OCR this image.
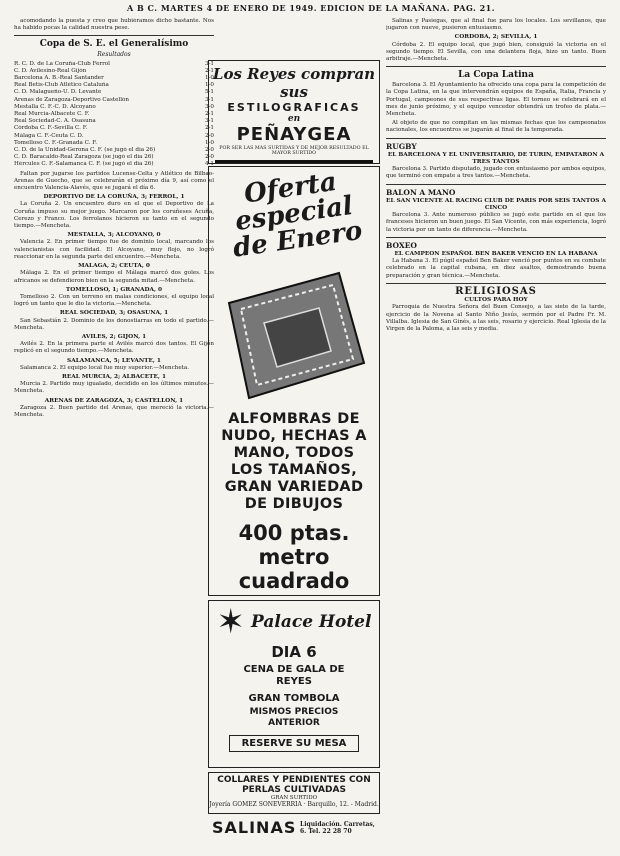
A B C. MARTES 4 DE ENERO DE 1949. EDICION DE LA MAÑANA. PAG. 21.

acomodando la puesta y creo que hubiéramos dicho bastante. Nos ha habido pocas la calidad nuestra pese.

Copa de S. E. el Generalísimo
Resultados
R. C. D. de La Coruña-Club Ferrol	3-1
C. D. Avilesino-Real Gijón	2-1
Barcelona A. B.-Real Santander	1-0
Real Betis-Club Atlético Cataluña	1-0
C. D. Malagueño-U. D. Levante	5-1
Arenas de Zaragoza-Deportivo Castellón	3-1
Mestalla C. F.-C. D. Alcoyano	3-0
Real Murcia-Albacete C. F.	2-1
Real Sociedad-C. A. Osasuna	3-1
Córdoba C. F.-Sevilla C. F.	2-1
Málaga C. F.-Ceuta C. D.	2-0
Tomelloso C. F.-Granada C. F.	1-0
C. D. de la Unidad-Gerona C. F. (se jugó el día 26)	2-0
C. D. Baracaldo-Real Zaragoza (se jugó el día 26)	2-0
Hércules C. F.-Salamanca C. F. (se jugó el día 26)	4-1

Faltan por jugarse los partidos Lucense-Celta y Atlético de Bilbao-Arenas de Guecho, que se celebrarán el próximo día 9, así como el encuentro Valencia-Alavés, que se jugará el día 6.

DEPORTIVO DE LA CORUÑA, 3; FERROL, 1

La Coruña 2. Un encuentro duro en el que el Deportivo de La Coruña impuso su mejor juego. Marcaron por los coruñeses Acuña, Cerezo y Franco. Los ferrolanos hicieron su tanto en el segundo tiempo.—Mencheta.

MESTALLA, 3; ALCOYANO, 0

Valencia 2. En primer tiempo fue de dominio local, marcando los valencianistas con facilidad. El Alcoyano, muy flojo, no logró reaccionar en la segunda parte del encuentro.—Mencheta.

MALAGA, 2; CEUTA, 0

Málaga 2. En el primer tiempo el Málaga marcó dos goles. Los africanos se defendieron bien en la segunda mitad.—Mencheta.

TOMELLOSO, 1; GRANADA, 0

Tomelloso 2. Con un terreno en malas condiciones, el equipo local logró un tanto que le dio la victoria.—Mencheta.

REAL SOCIEDAD, 3; OSASUNA, 1

San Sebastián 2. Dominio de los donostiarras en todo el partido.—Mencheta.

AVILES, 2; GIJON, 1

Avilés 2. En la primera parte el Avilés marcó dos tantos. El Gijón replicó en el segundo tiempo.—Mencheta.

SALAMANCA, 5; LEVANTE, 1

Salamanca 2. El equipo local fue muy superior.—Mencheta.

REAL MURCIA, 2; ALBACETE, 1

Murcia 2. Partido muy igualado, decidido en los últimos minutos.—Mencheta.

ARENAS DE ZARAGOZA, 3; CASTELLON, 1

Zaragoza 2. Buen partido del Arenas, que mereció la victoria.—Mencheta.

Los Reyes compran sus
ESTILOGRAFICAS
en
PEÑAYGEA
POR SER LAS MAS SURTIDAS Y DE MEJOR RESULTADO EL MAYOR SURTIDO
Oferta especial de Enero
ALFOMBRAS DE NUDO, HECHAS A MANO, TODOS LOS TAMAÑOS, GRAN VARIEDAD DE DIBUJOS
400 ptas. metro cuadrado
✶ Palace Hotel
DIA 6
CENA DE GALA DE REYES
GRAN TOMBOLA
MISMOS PRECIOS ANTERIOR
RESERVE SU MESA
COLLARES Y PENDIENTES CON PERLAS CULTIVADAS
GRAN SURTIDO
Joyería GOMEZ SONEVERRIA · Barquillo, 12. - Madrid.
SALINAS Liquidación. Carretas, 6. Tel. 22 28 70

Salinas y Pasiegas, que al final fue para los locales. Los sevillanos, que jugaron con nueve, pusieron entusiasmo.

CORDOBA, 2; SEVILLA, 1

Córdoba 2. El equipo local, que jugó bien, consiguió la victoria en el segundo tiempo. El Sevilla, con una delantera floja, hizo un tanto. Buen arbitraje.—Mencheta.

La Copa Latina

Barcelona 3. El Ayuntamiento ha ofrecido una copa para la competición de la Copa Latina, en la que intervendrán equipos de España, Italia, Francia y Portugal, campeones de sus respectivas ligas. El torneo se celebrará en el mes de junio próximo, y el equipo vencedor obtendrá un trofeo de plata.—Mencheta.

Al objeto de que no compitan en las mismas fechas que los campeonatos nacionales, los encuentros se jugarán al final de la temporada.

RUGBY
EL BARCELONA Y EL UNIVERSITARIO, DE TURIN, EMPATARON A TRES TANTOS

Barcelona 3. Partido disputado, jugado con entusiasmo por ambos equipos, que terminó con empate a tres tantos.—Mencheta.

BALON A MANO
EL SAN VICENTE AL RACING CLUB DE PARIS POR SEIS TANTOS A CINCO

Barcelona 3. Ante numeroso público se jugó este partido en el que los franceses hicieron un buen juego. El San Vicente, con más experiencia, logró la victoria por un tanto de diferencia.—Mencheta.

BOXEO
EL CAMPEON ESPAÑOL BEN BAKER VENCIO EN LA HABANA

La Habana 3. El púgil español Ben Baker venció por puntos en su combate celebrado en la capital cubana, en diez asaltos, demostrando buena preparación y gran técnica.—Mencheta.

RELIGIOSAS
CULTOS PARA HOY

Parroquia de Nuestra Señora del Buen Consejo, a las siete de la tarde, ejercicio de la Novena al Santo Niño Jesús, sermón por el Padre Fr. M. Villalba. Iglesia de San Ginés, a las seis, rosario y ejercicio. Real Iglesia de la Virgen de la Paloma, a las seis y media.
